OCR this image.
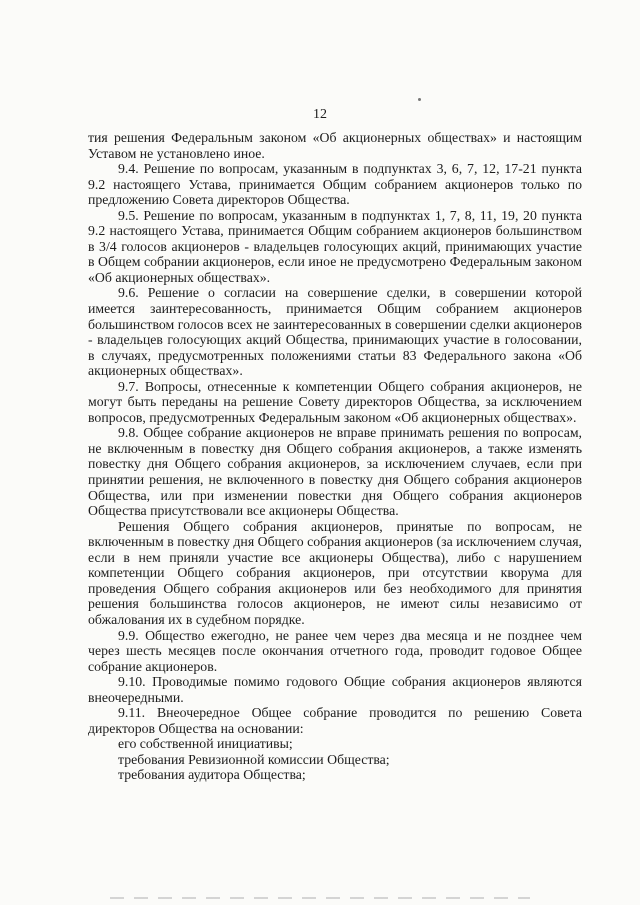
12

тия решения Федеральным законом «Об акционерных обществах» и настоящим Уставом не установлено иное.

9.4. Решение по вопросам, указанным в подпунктах 3, 6, 7, 12, 17-21 пункта 9.2 настоящего Устава, принимается Общим собранием акционеров только по предложению Совета директоров Общества.

9.5. Решение по вопросам, указанным в подпунктах 1, 7, 8, 11, 19, 20 пункта 9.2 настоящего Устава, принимается Общим собранием акционеров большинством в 3/4 голосов акционеров - владельцев голосующих акций, принимающих участие в Общем собрании акционеров, если иное не предусмотрено Федеральным законом «Об акционерных обществах».

9.6. Решение о согласии на совершение сделки, в совершении которой имеется заинтересованность, принимается Общим собранием акционеров большинством голосов всех не заинтересованных в совершении сделки акционеров - владельцев голосующих акций Общества, принимающих участие в голосовании, в случаях, предусмотренных положениями статьи 83 Федерального закона «Об акционерных обществах».

9.7. Вопросы, отнесенные к компетенции Общего собрания акционеров, не могут быть переданы на решение Совету директоров Общества, за исключением вопросов, предусмотренных Федеральным законом «Об акционерных обществах».

9.8. Общее собрание акционеров не вправе принимать решения по вопросам, не включенным в повестку дня Общего собрания акционеров, а также изменять повестку дня Общего собрания акционеров, за исключением случаев, если при принятии решения, не включенного в повестку дня Общего собрания акционеров Общества, или при изменении повестки дня Общего собрания акционеров Общества присутствовали все акционеры Общества.

Решения Общего собрания акционеров, принятые по вопросам, не включенным в повестку дня Общего собрания акционеров (за исключением случая, если в нем приняли участие все акционеры Общества), либо с нарушением компетенции Общего собрания акционеров, при отсутствии кворума для проведения Общего собрания акционеров или без необходимого для принятия решения большинства голосов акционеров, не имеют силы независимо от обжалования их в судебном порядке.

9.9. Общество ежегодно, не ранее чем через два месяца и не позднее чем через шесть месяцев после окончания отчетного года, проводит годовое Общее собрание акционеров.

9.10. Проводимые помимо годового Общие собрания акционеров являются внеочередными.

9.11. Внеочередное Общее собрание проводится по решению Совета директоров Общества на основании:

его собственной инициативы;

требования Ревизионной комиссии Общества;

требования аудитора Общества;
